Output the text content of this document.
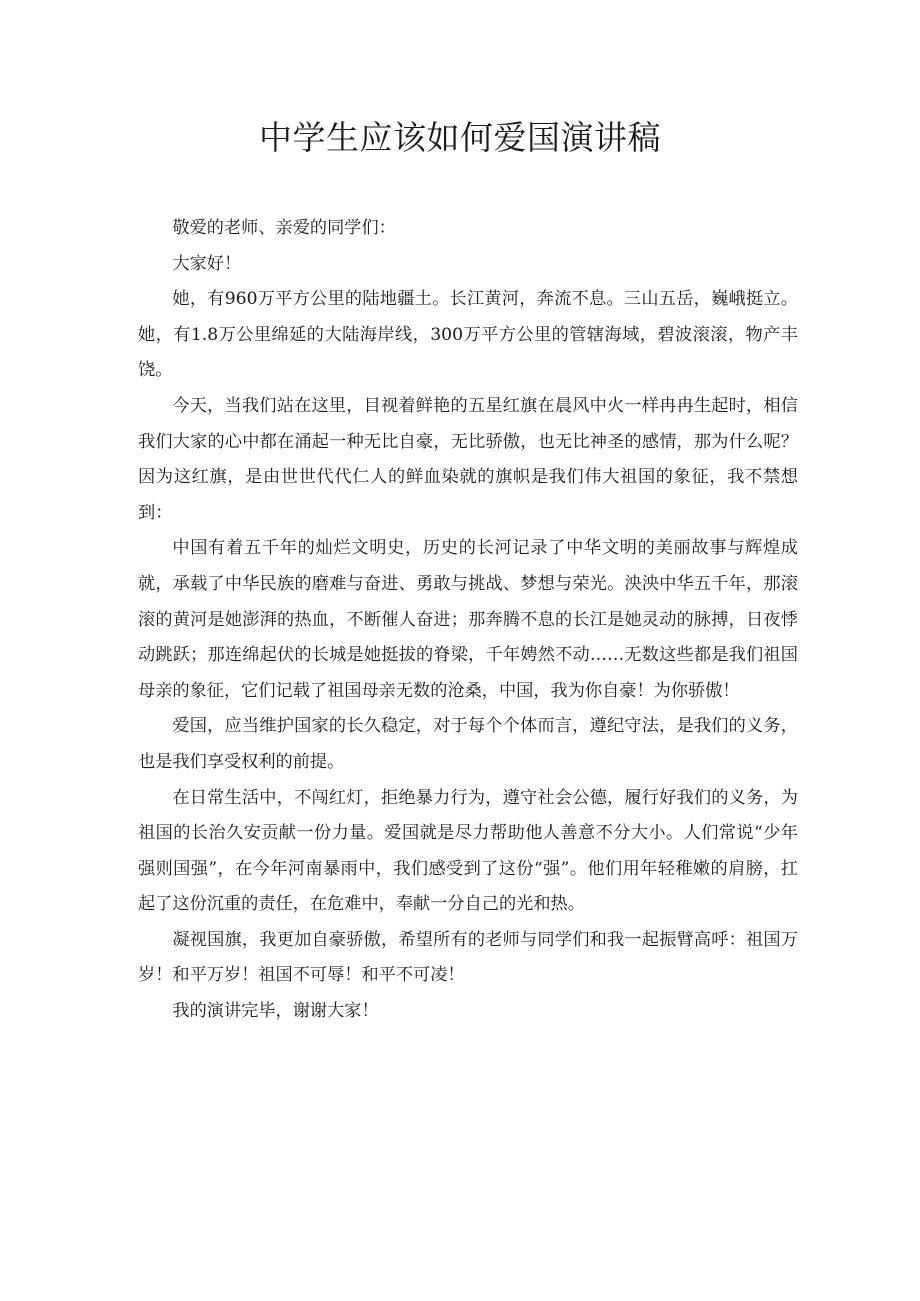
中学生应该如何爱国演讲稿

敬爱的老师、亲爱的同学们：

大家好！

她，有960万平方公里的陆地疆土。长江黄河，奔流不息。三山五岳，巍峨挺立。她，有1.8万公里绵延的大陆海岸线，300万平方公里的管辖海域，碧波滚滚，物产丰饶。

今天，当我们站在这里，目视着鲜艳的五星红旗在晨风中火一样冉冉生起时，相信我们大家的心中都在涌起一种无比自豪，无比骄傲，也无比神圣的感情，那为什么呢？因为这红旗，是由世世代代仁人的鲜血染就的旗帜是我们伟大祖国的象征，我不禁想到：

中国有着五千年的灿烂文明史，历史的长河记录了中华文明的美丽故事与辉煌成就，承载了中华民族的磨难与奋进、勇敢与挑战、梦想与荣光。泱泱中华五千年，那滚滚的黄河是她澎湃的热血，不断催人奋进；那奔腾不息的长江是她灵动的脉搏，日夜悸动跳跃；那连绵起伏的长城是她挺拔的脊梁，千年娉然不动……无数这些都是我们祖国母亲的象征，它们记载了祖国母亲无数的沧桑，中国，我为你自豪！为你骄傲！

爱国，应当维护国家的长久稳定，对于每个个体而言，遵纪守法，是我们的义务，也是我们享受权利的前提。

在日常生活中，不闯红灯，拒绝暴力行为，遵守社会公德，履行好我们的义务，为祖国的长治久安贡献一份力量。爱国就是尽力帮助他人善意不分大小。人们常说“少年强则国强”，在今年河南暴雨中，我们感受到了这份“强”。他们用年轻稚嫩的肩膀，扛起了这份沉重的责任，在危难中，奉献一分自己的光和热。

凝视国旗，我更加自豪骄傲，希望所有的老师与同学们和我一起振臂高呼：祖国万岁！和平万岁！祖国不可辱！和平不可凌！

我的演讲完毕，谢谢大家！
